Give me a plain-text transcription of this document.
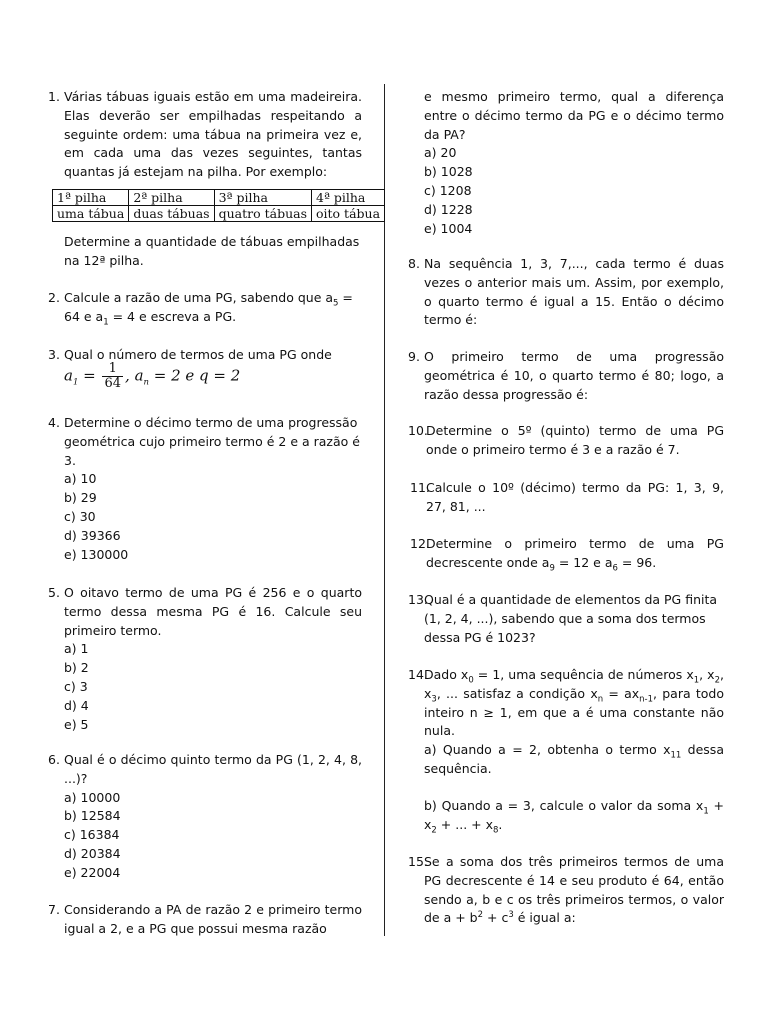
1. Várias tábuas iguais estão em uma madeireira. Elas deverão ser empilhadas respeitando a seguinte ordem: uma tábua na primeira vez e, em cada uma das vezes seguintes, tantas quantas já estejam na pilha. Por exemplo:
1ª pilha	2ª pilha	3ª pilha	4ª pilha
uma tábua	duas tábuas	quatro tábuas	oito tábua
Determine a quantidade de tábuas empilhadas na 12ª pilha.
2. Calcule a razão de uma PG, sabendo que $a_5 = 64$ e $a_1 = 4$ e escreva a PG.
3. Qual o número de termos de uma PG onde
$a_1 = \frac{1}{64}$ , $a_n = 2$ e q = 2
4. Determine o décimo termo de uma progressão geométrica cujo primeiro termo é 2 e a razão é 3.
a) 10
b) 29
c) 30
d) 39366
e) 130000
5. O oitavo termo de uma PG é 256 e o quarto termo dessa mesma PG é 16. Calcule seu primeiro termo.
a) 1
b) 2
c) 3
d) 4
e) 5
6. Qual é o décimo quinto termo da PG (1, 2, 4, 8, ...)?
a) 10000
b) 12584
c) 16384
d) 20384
e) 22004
7. Considerando a PA de razão 2 e primeiro termo igual a 2, e a PG que possui mesma razão
e mesmo primeiro termo, qual a diferença entre o décimo termo da PG e o décimo termo da PA?
a) 20
b) 1028
c) 1208
d) 1228
e) 1004
8. Na sequência 1, 3, 7,..., cada termo é duas vezes o anterior mais um. Assim, por exemplo, o quarto termo é igual a 15. Então o décimo termo é:
9. O primeiro termo de uma progressão geométrica é 10, o quarto termo é 80; logo, a razão dessa progressão é:
10.
Determine o 5º (quinto) termo de uma PG onde o primeiro termo é 3 e a razão é 7.
11.
Calcule o 10º (décimo) termo da PG: 1, 3, 9, 27, 81, ...
12.
Determine o primeiro termo de uma PG decrescente onde $a_9 = 12$ e $a_6 = 96$.
13.
Qual é a quantidade de elementos da PG finita (1, 2, 4, ...), sabendo que a soma dos termos dessa PG é 1023?
14.
Dado $x_0 = 1$, uma sequência de números $x_1$, $x_2$, $x_3$, ... satisfaz a condição $x_n = ax_{n-1}$, para todo inteiro n ≥ 1, em que a é uma constante não nula.
a) Quando a = 2, obtenha o termo $x_{11}$ dessa sequência.
b) Quando a = 3, calcule o valor da soma $x_1 + x_2$ + ... + $x_8$.
15.
Se a soma dos três primeiros termos de uma PG decrescente é 14 e seu produto é 64, então sendo a, b e c os três primeiros termos, o valor de $a + b^2 + c^3$ é igual a:
